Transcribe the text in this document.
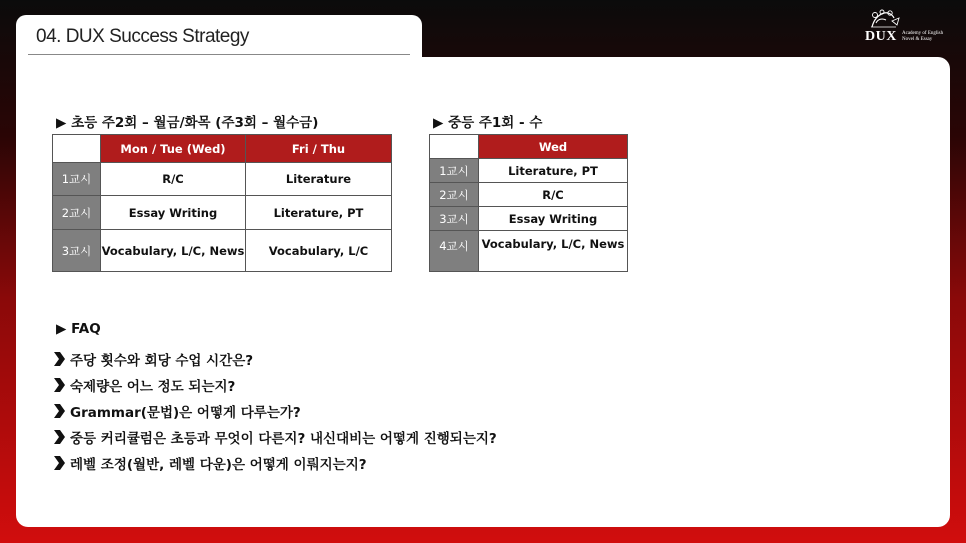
04. DUX Success Strategy	DUX Academy of English
Novel & Essay
▶ 초등 주2회 – 월금/화목 (주3회 – 월수금)
	Mon / Tue (Wed)	Fri / Thu
1교시	R/C	Literature
2교시	Essay Writing	Literature, PT
3교시	Vocabulary, L/C, News	Vocabulary, L/C
▶ 중등 주1회 - 수
	Wed
1교시	Literature, PT
2교시	R/C
3교시	Essay Writing
4교시	Vocabulary, L/C, News
▶ FAQ
주당 횟수와 회당 수업 시간은?
숙제량은 어느 정도 되는지?
Grammar(문법)은 어떻게 다루는가?
중등 커리큘럼은 초등과 무엇이 다른지? 내신대비는 어떻게 진행되는지?
레벨 조정(월반, 레벨 다운)은 어떻게 이뤄지는지?
